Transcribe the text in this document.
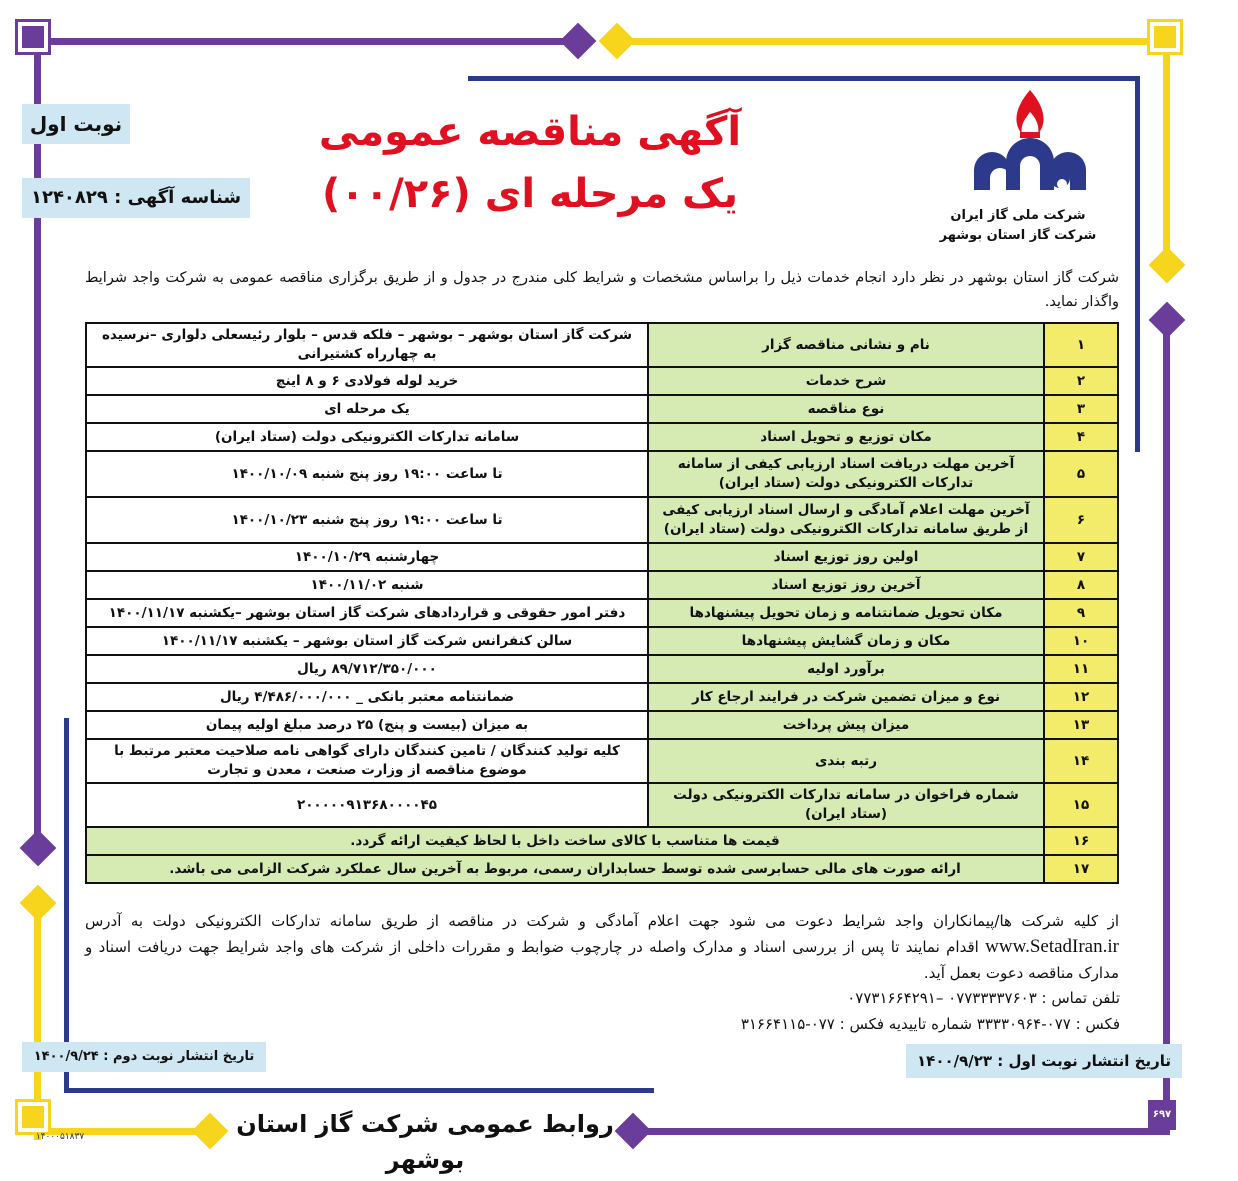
۶۹۷
نوبت اول
شناسه آگهی : ۱۲۴۰۸۲۹
آگهی مناقصه عمومی
یک مرحله ای (۰۰/۲۶)	شرکت ملی گاز ایران
شرکت گاز استان بوشهر
شرکت گاز استان بوشهر در نظر دارد انجام خدمات ذیل را براساس مشخصات و شرایط کلی مندرج در جدول و از طریق برگزاری مناقصه عمومی به شرکت واجد شرایط واگذار نماید.
۱	نام و نشانی مناقصه گزار	شرکت گاز استان بوشهر – بوشهر – فلکه قدس – بلوار رئیسعلی دلواری –نرسیده به چهارراه کشتیرانی
۲	شرح خدمات	خرید لوله فولادی ۶ و ۸ اینچ
۳	نوع مناقصه	یک مرحله ای
۴	مکان توزیع و تحویل اسناد	سامانه تدارکات الکترونیکی دولت (ستاد ایران)
۵	آخرین مهلت دریافت اسناد ارزیابی کیفی از سامانه تدارکات الکترونیکی دولت (ستاد ایران)	تا ساعت ۱۹:۰۰ روز پنج شنبه ۱۴۰۰/۱۰/۰۹
۶	آخرین مهلت اعلام آمادگی و ارسال اسناد ارزیابی کیفی از طریق سامانه تدارکات الکترونیکی دولت (ستاد ایران)	تا ساعت ۱۹:۰۰ روز پنج شنبه ۱۴۰۰/۱۰/۲۳
۷	اولین روز توزیع اسناد	چهارشنبه ۱۴۰۰/۱۰/۲۹
۸	آخرین روز توزیع اسناد	شنبه ۱۴۰۰/۱۱/۰۲
۹	مکان تحویل ضمانتنامه و زمان تحویل پیشنهادها	دفتر امور حقوقی و قراردادهای شرکت گاز استان بوشهر –یکشنبه ۱۴۰۰/۱۱/۱۷
۱۰	مکان و زمان گشایش پیشنهادها	سالن کنفرانس شرکت گاز استان بوشهر – یکشنبه ۱۴۰۰/۱۱/۱۷
۱۱	برآورد اولیه	۸۹/۷۱۲/۳۵۰/۰۰۰ ریال
۱۲	نوع و میزان تضمین شرکت در فرایند ارجاع کار	ضمانتنامه معتبر بانکی _ ۴/۴۸۶/۰۰۰/۰۰۰ ریال
۱۳	میزان پیش پرداخت	به میزان (بیست و پنج) ۲۵ درصد مبلغ اولیه پیمان
۱۴	رتبه بندی	کلیه تولید کنندگان / تامین کنندگان دارای گواهی نامه صلاحیت معتبر مرتبط با موضوع مناقصه از وزارت صنعت ، معدن و تجارت
۱۵	شماره فراخوان در سامانه تدارکات الکترونیکی دولت (ستاد ایران)	۲۰۰۰۰۰۹۱۳۶۸۰۰۰۰۴۵
۱۶	قیمت ها متناسب با کالای ساخت داخل با لحاظ کیفیت ارائه گردد.	
۱۷	ارائه صورت های مالی حسابرسی شده توسط حسابداران رسمی، مربوط به آخرین سال عملکرد شرکت الزامی می باشد.	
از کلیه شرکت ها/پیمانکاران واجد شرایط دعوت می شود جهت اعلام آمادگی و شرکت در مناقصه از طریق سامانه تدارکات الکترونیکی دولت به آدرس www.SetadIran.ir اقدام نمایند تا پس از بررسی اسناد و مدارک واصله در چارچوب ضوابط و مقررات داخلی از شرکت های واجد شرایط جهت دریافت اسناد و مدارک مناقصه دعوت بعمل آید.
تلفن تماس : ۰۷۷۳۳۳۳۷۶۰۳ –۰۷۷۳۱۶۶۴۲۹۱
فکس : ۰۷۷-۳۳۳۳۰۹۶۴ شماره تاییدیه فکس : ۰۷۷-۳۱۶۶۴۱۱۵
تاریخ انتشار نوبت اول : ۱۴۰۰/۹/۲۳
تاریخ انتشار نوبت دوم : ۱۴۰۰/۹/۲۴
روابط عمومی شرکت گاز استان بوشهر
۱۴۰۰۰۵۱۸۳۷
